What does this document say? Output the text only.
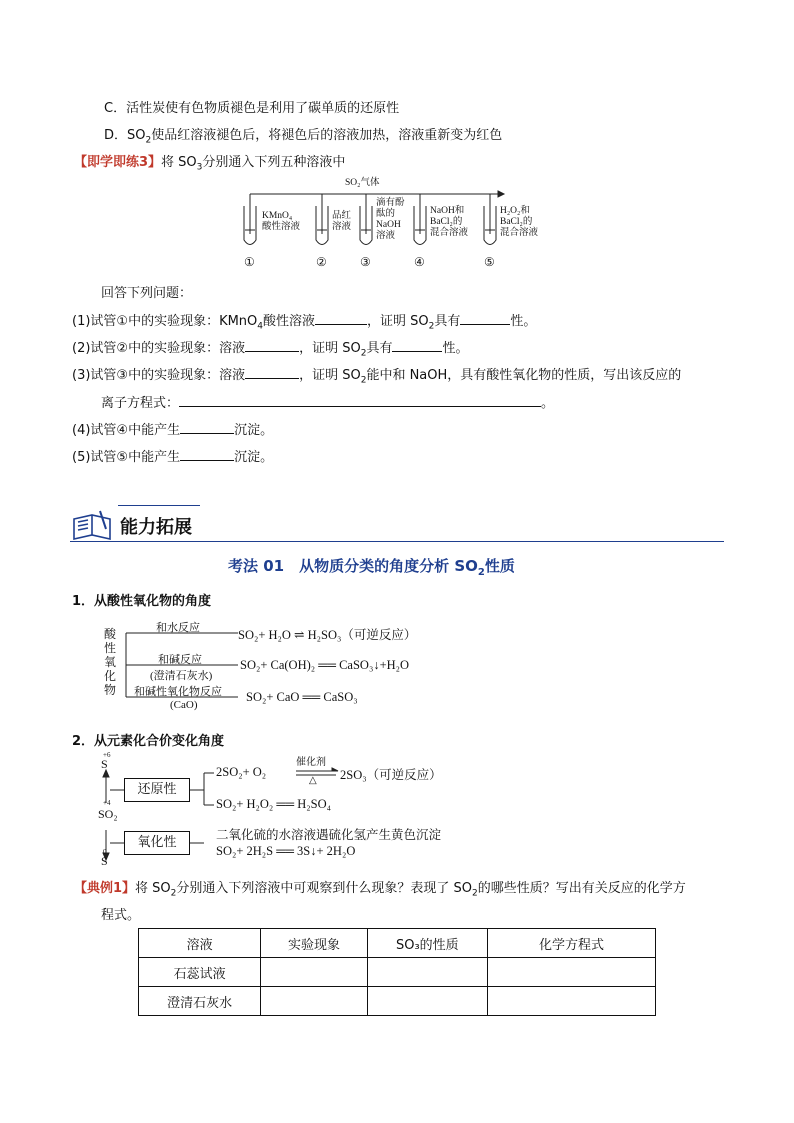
C．活性炭使有色物质褪色是利用了碳单质的还原性
D．$SO_2$使品红溶液褪色后，将褪色后的溶液加热，溶液重新变为红色
【即学即练3】将 $SO_3$分别通入下列五种溶液中
SO₂气体
KMnO₄
酸性溶液
品红
溶液
滴有酚
酞的
NaOH
溶液
NaOH和
BaCl₂的
混合溶液
H₂O₂和
BaCl₂的
混合溶液
①	②	③	④	⑤
回答下列问题：
(1)试管①中的实验现象：KMnO$_4$酸性溶液	，证明 $SO_2$具有	性。
(2)试管②中的实验现象：溶液	，证明 $SO_2$具有	性。
(3)试管③中的实验现象：溶液	，证明 $SO_2$能中和 NaOH，具有酸性氧化物的性质，写出该反应的
离子方程式：	。
(4)试管④中能产生	沉淀。
(5)试管⑤中能产生	沉淀。
能力拓展
考法 01　从物质分类的角度分析 $SO_2$性质
1．从酸性氧化物的角度
酸
性
氧
化
物
和水反应
和碱反应
(澄清石灰水)
和碱性氧化物反应
(CaO)
SO₂+ H₂O ⇌ H₂SO₃（可逆反应）
SO₂+ Ca(OH)₂ ══ CaSO₃↓+H₂O
SO₂+ CaO ══ CaSO₃
2．从元素化合价变化角度
+6
S
+4
SO₂
0
S
还原性
氧化性
催化剂
△
2SO₂+ O₂	2SO₃（可逆反应）
SO₂+ H₂O₂ ══ H₂SO₄
二氧化硫的水溶液遇硫化氢产生黄色沉淀
SO₂+ 2H₂S ══ 3S↓+ 2H₂O
【典例1】将 $SO_2$分别通入下列溶液中可观察到什么现象？表现了 $SO_2$的哪些性质？写出有关反应的化学方
程式。
溶液	实验现象	SO₃的性质	化学方程式
石蕊试液			
澄清石灰水			
